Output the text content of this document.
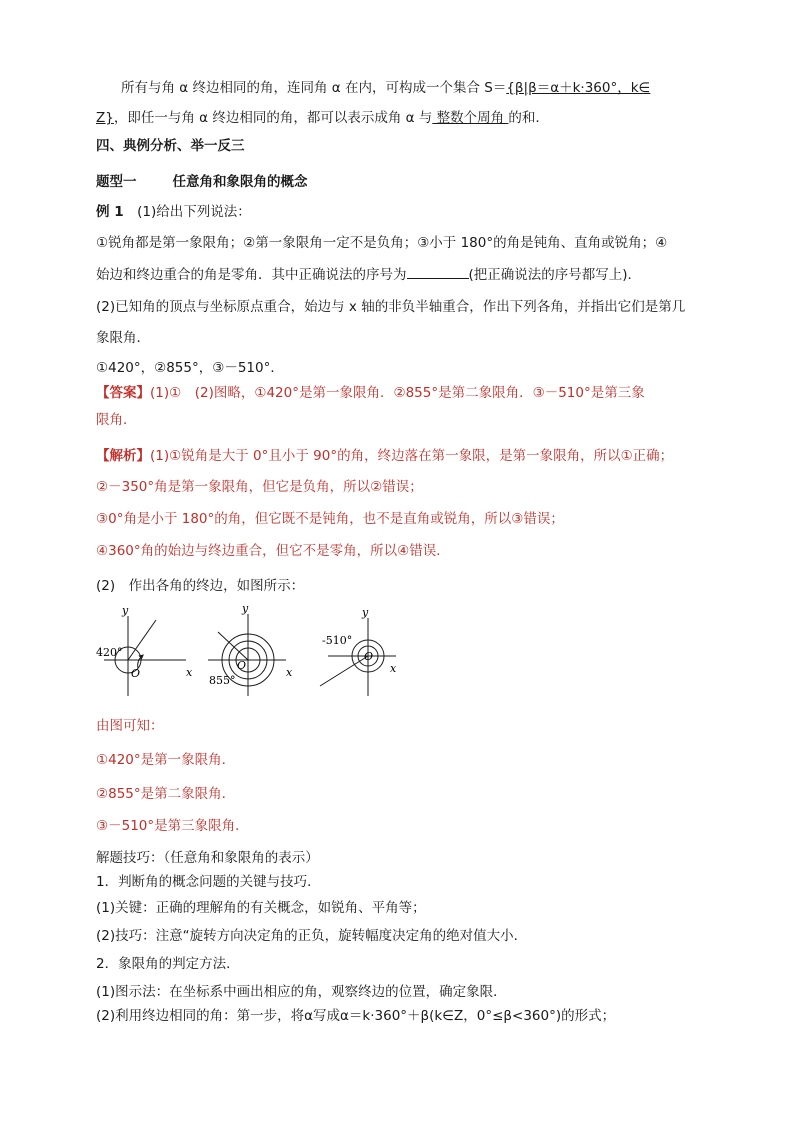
所有与角 α 终边相同的角，连同角 α 在内，可构成一个集合 S＝{β|β＝α＋k·360°，k∈
Z}，即任一与角 α 终边相同的角，都可以表示成角 α 与 整数个周角 的和.
四、典例分析、举一反三
题型一	任意角和象限角的概念
例 1　 (1)给出下列说法：
①锐角都是第一象限角；②第一象限角一定不是负角；③小于 180°的角是钝角、直角或锐角；④
始边和终边重合的角是零角．其中正确说法的序号为	(把正确说法的序号都写上)．
(2)已知角的顶点与坐标原点重合，始边与 x 轴的非负半轴重合，作出下列各角，并指出它们是第几
象限角．
①420°，②855°，③－510°．
【答案】(1)①　(2)图略，①420°是第一象限角．②855°是第二象限角．③－510°是第三象
限角．
【解析】(1)①锐角是大于 0°且小于 90°的角，终边落在第一象限，是第一象限角，所以①正确；
②－350°角是第一象限角，但它是负角，所以②错误；
③0°角是小于 180°的角，但它既不是钝角，也不是直角或锐角，所以③错误；
④360°角的始边与终边重合，但它不是零角，所以④错误．
(2)　作出各角的终边，如图所示：
y
x
O
420°
y
x
O
855°
y
x
O
-510°
由图可知：
①420°是第一象限角．
②855°是第二象限角．
③－510°是第三象限角．
解题技巧：（任意角和象限角的表示）
1．判断角的概念问题的关键与技巧．
(1)关键：正确的理解角的有关概念，如锐角、平角等；
(2)技巧：注意“旋转方向决定角的正负，旋转幅度决定角的绝对值大小．
2．象限角的判定方法．
(1)图示法：在坐标系中画出相应的角，观察终边的位置，确定象限．
(2)利用终边相同的角：第一步，将α写成α＝k·360°＋β(k∈Z，0°≤β<360°)的形式；
